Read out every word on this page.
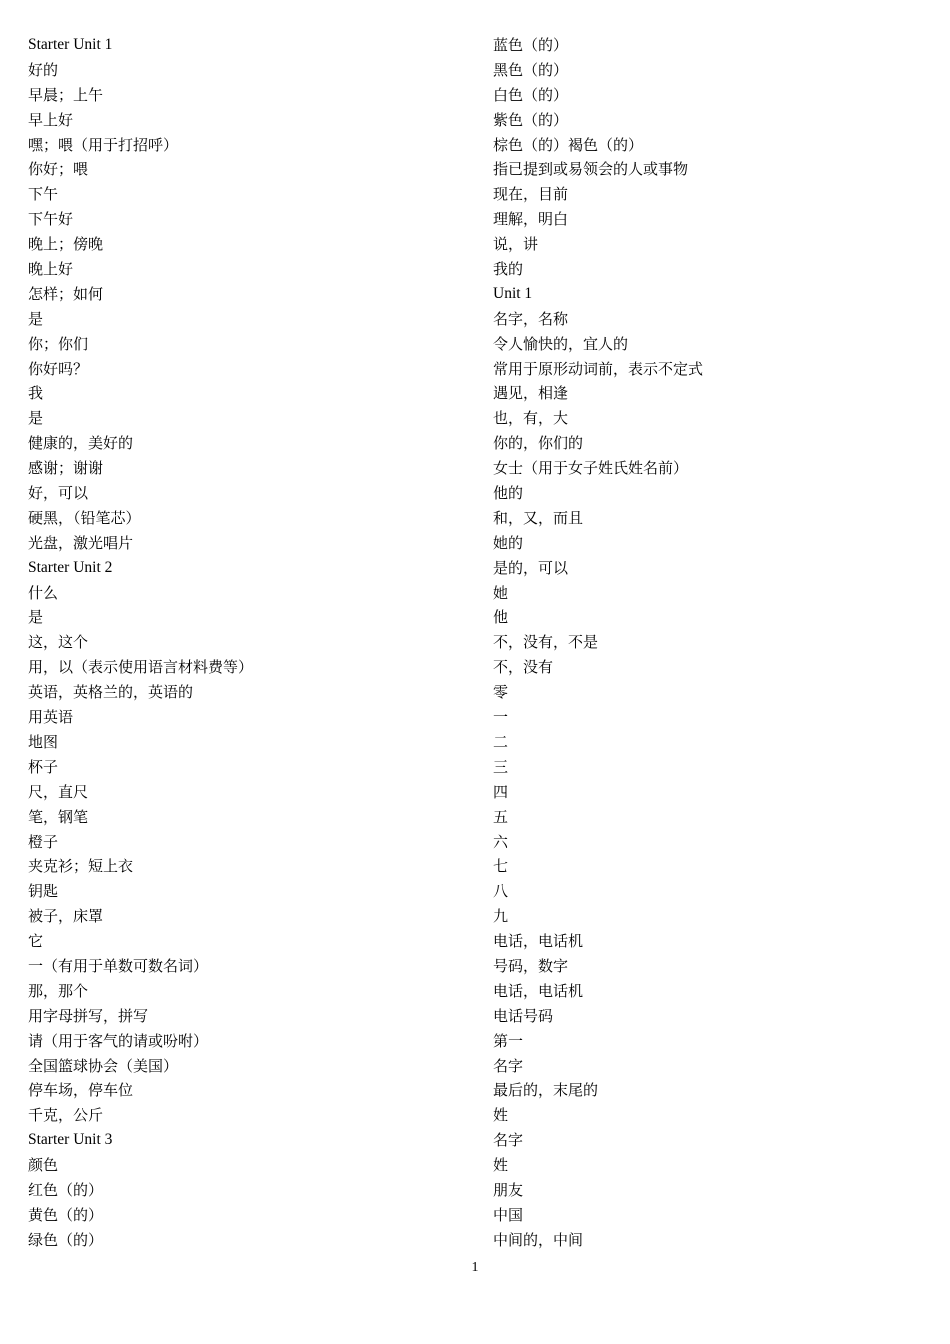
Starter Unit 1
好的
早晨；上午
早上好
嘿；喂（用于打招呼）
你好；喂
下午
下午好
晚上；傍晚
晚上好
怎样；如何
是
你；你们
你好吗？
我
是
健康的，美好的
感谢；谢谢
好，可以
硬黑，（铅笔芯）
光盘，激光唱片
Starter Unit 2
什么
是
这，这个
用，以（表示使用语言材料费等）
英语，英格兰的，英语的
用英语
地图
杯子
尺，直尺
笔，钢笔
橙子
夹克衫；短上衣
钥匙
被子，床罩
它
一（有用于单数可数名词）
那，那个
用字母拼写，拼写
请（用于客气的请或吩咐）
全国篮球协会（美国）
停车场，停车位
千克，公斤
Starter Unit 3
颜色
红色（的）
黄色（的）
绿色（的）
蓝色（的）
黑色（的）
白色（的）
紫色（的）
棕色（的）褐色（的）
指已提到或易领会的人或事物
现在，目前
理解，明白
说，讲
我的
Unit 1
名字，名称
令人愉快的，宜人的
常用于原形动词前，表示不定式
遇见，相逢
也，有，大
你的，你们的
女士（用于女子姓氏姓名前）
他的
和，又，而且
她的
是的，可以
她
他
不，没有，不是
不，没有
零
一
二
三
四
五
六
七
八
九
电话，电话机
号码，数字
电话，电话机
电话号码
第一
名字
最后的，末尾的
姓
名字
姓
朋友
中国
中间的，中间
1
